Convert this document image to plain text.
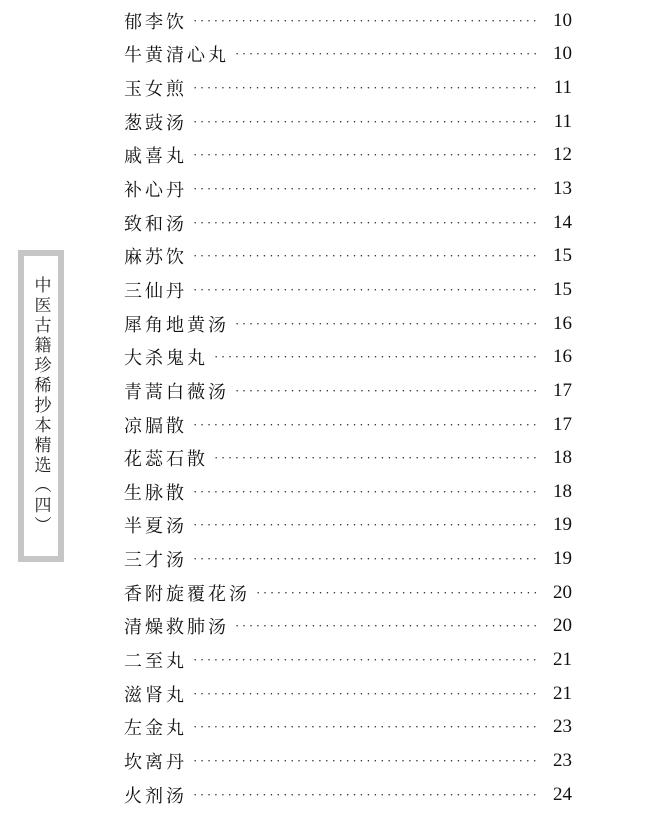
中医古籍珍稀抄本精选（四）
郁李饮 ·····	10
牛黄清心丸 ·····	10
玉女煎 ·····	11
葱豉汤 ·····	11
戚喜丸 ·····	12
补心丹 ·····	13
致和汤 ·····	14
麻苏饮 ·····	15
三仙丹 ·····	15
犀角地黄汤 ·····	16
大杀鬼丸 ·····	16
青蒿白薇汤 ·····	17
凉膈散 ·····	17
花蕊石散 ·····	18
生脉散 ·····	18
半夏汤 ·····	19
三才汤 ·····	19
香附旋覆花汤 ·····	20
清燥救肺汤 ·····	20
二至丸 ·····	21
滋肾丸 ·····	21
左金丸 ·····	23
坎离丹 ·····	23
火剂汤 ·····	24
